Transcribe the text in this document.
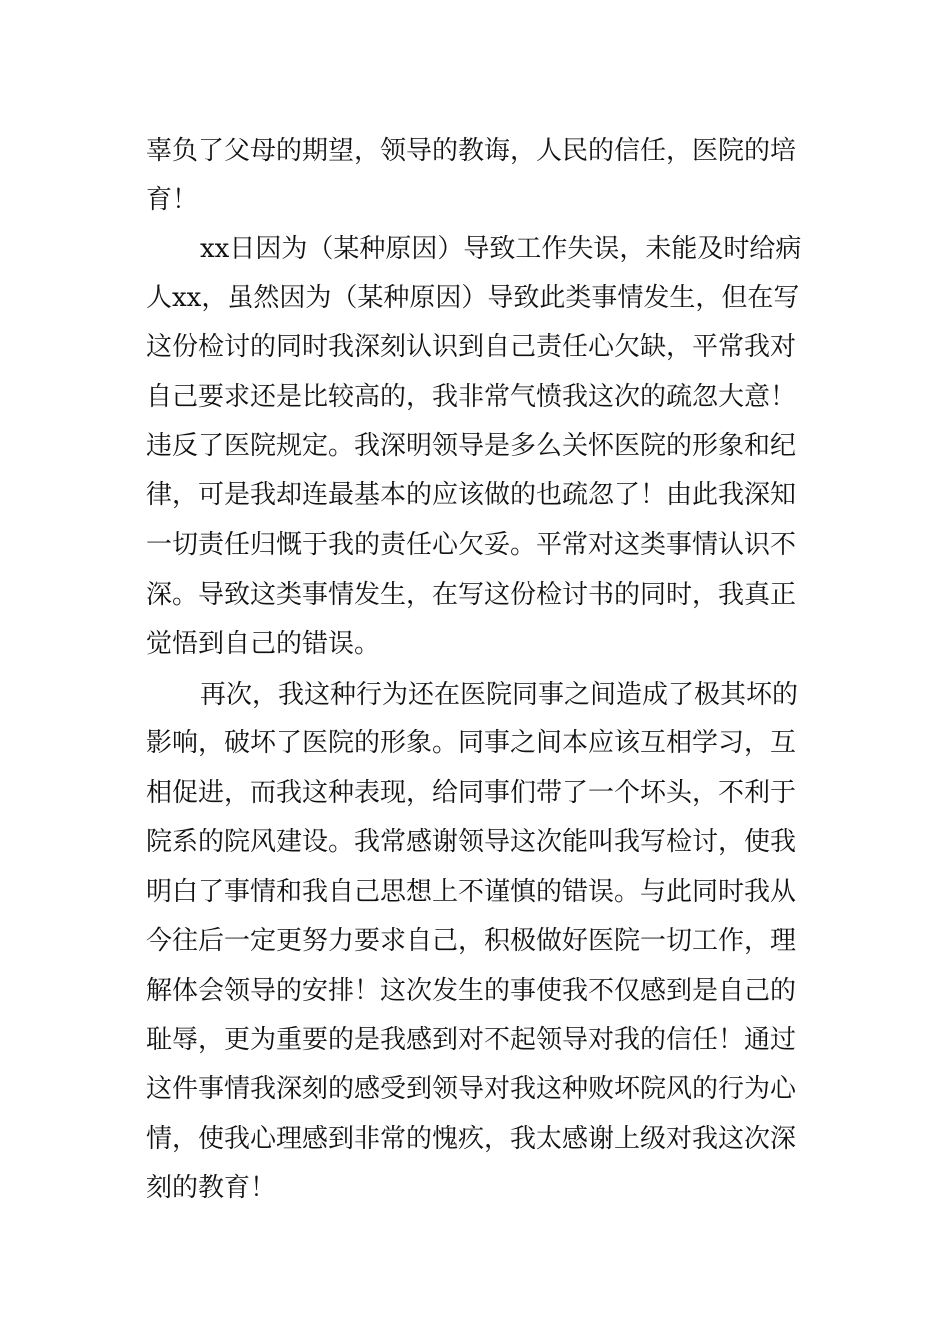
辜负了父母的期望，领导的教诲，人民的信任，医院的培
育！
xx日因为（某种原因）导致工作失误，未能及时给病
人xx，虽然因为（某种原因）导致此类事情发生，但在写
这份检讨的同时我深刻认识到自己责任心欠缺，平常我对
自己要求还是比较高的，我非常气愤我这次的疏忽大意！
违反了医院规定。我深明领导是多么关怀医院的形象和纪
律，可是我却连最基本的应该做的也疏忽了！由此我深知
一切责任归慨于我的责任心欠妥。平常对这类事情认识不
深。导致这类事情发生，在写这份检讨书的同时，我真正
觉悟到自己的错误。
再次，我这种行为还在医院同事之间造成了极其坏的
影响，破坏了医院的形象。同事之间本应该互相学习，互
相促进，而我这种表现，给同事们带了一个坏头，不利于
院系的院风建设。我常感谢领导这次能叫我写检讨，使我
明白了事情和我自己思想上不谨慎的错误。与此同时我从
今往后一定更努力要求自己，积极做好医院一切工作，理
解体会领导的安排！这次发生的事使我不仅感到是自己的
耻辱，更为重要的是我感到对不起领导对我的信任！通过
这件事情我深刻的感受到领导对我这种败坏院风的行为心
情，使我心理感到非常的愧疚，我太感谢上级对我这次深
刻的教育！
